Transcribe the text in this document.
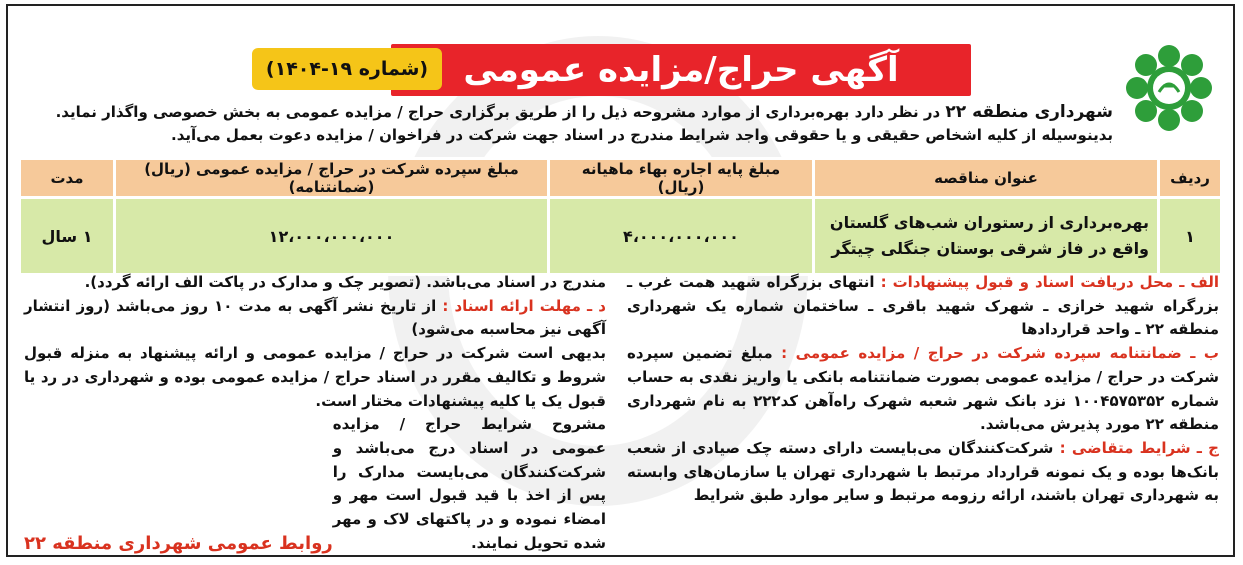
آگهی حراج/مزایده عمومی
(شماره ۱۹-۱۴۰۴)
شهرداری منطقه ۲۲ در نظر دارد بهره‌برداری از موارد مشروحه ذیل را از طریق برگزاری حراج / مزایده عمومی به بخش خصوصی واگذار نماید.
بدینوسیله از کلیه اشخاص حقیقی و یا حقوقی واجد شرایط مندرج در اسناد جهت شرکت در فراخوان / مزایده دعوت بعمل می‌آید.
ردیف	عنوان مناقصه	مبلغ پایه اجاره بهاء ماهیانه (ریال)	مبلغ سپرده شرکت در حراج / مزایده عمومی (ریال) (ضمانتنامه)	مدت
۱	بهره‌برداری از رستوران شب‌های گلستان
واقع در فاز شرقی بوستان جنگلی چیتگر	۴،۰۰۰،۰۰۰،۰۰۰	۱۲،۰۰۰،۰۰۰،۰۰۰	۱ سال

الف ـ محل دریافت اسناد و قبول پیشنهادات : انتهای بزرگراه شهید همت غرب ـ بزرگراه شهید خرازی ـ شهرک شهید باقری ـ ساختمان شماره یک شهرداری منطقه ۲۲ ـ واحد قراردادها

ب ـ ضمانتنامه سپرده شرکت در حراج / مزایده عمومی : مبلغ تضمین سپرده شرکت در حراج / مزایده عمومی بصورت ضمانتنامه بانکی یا واریز نقدی به حساب شماره ۱۰۰۴۵۷۵۳۵۲ نزد بانک شهر شعبه شهرک راه‌آهن کد۲۲۲ به نام شهرداری منطقه ۲۲ مورد پذیرش می‌باشد.

ج ـ شرایط متقاضی : شرکت‌کنندگان می‌بایست دارای دسته چک صیادی از شعب بانک‌ها بوده و یک نمونه قرارداد مرتبط با شهرداری تهران یا سازمان‌های وابسته به شهرداری تهران باشند، ارائه رزومه مرتبط و سایر موارد طبق شرایط

مندرج در اسناد می‌باشد. (تصویر چک و مدارک در پاکت الف ارائه گردد).

د ـ مهلت ارائه اسناد : از تاریخ نشر آگهی به مدت ۱۰ روز می‌باشد (روز انتشار آگهی نیز محاسبه می‌شود)

بدیهی است شرکت در حراج / مزایده عمومی و ارائه پیشنهاد به منزله قبول شروط و تکالیف مقرر در اسناد حراج / مزایده عمومی بوده و شهرداری در رد یا قبول یک یا کلیه پیشنهادات مختار است.

مشروح شرایط حراج / مزایده عمومی در اسناد درج می‌باشد و شرکت‌کنندگان می‌بایست مدارک را پس از اخذ با قید قبول است مهر و امضاء نموده و در پاکتهای لاک و مهر شده تحویل نمایند.

روابط عمومی شهرداری منطقه ۲۲
